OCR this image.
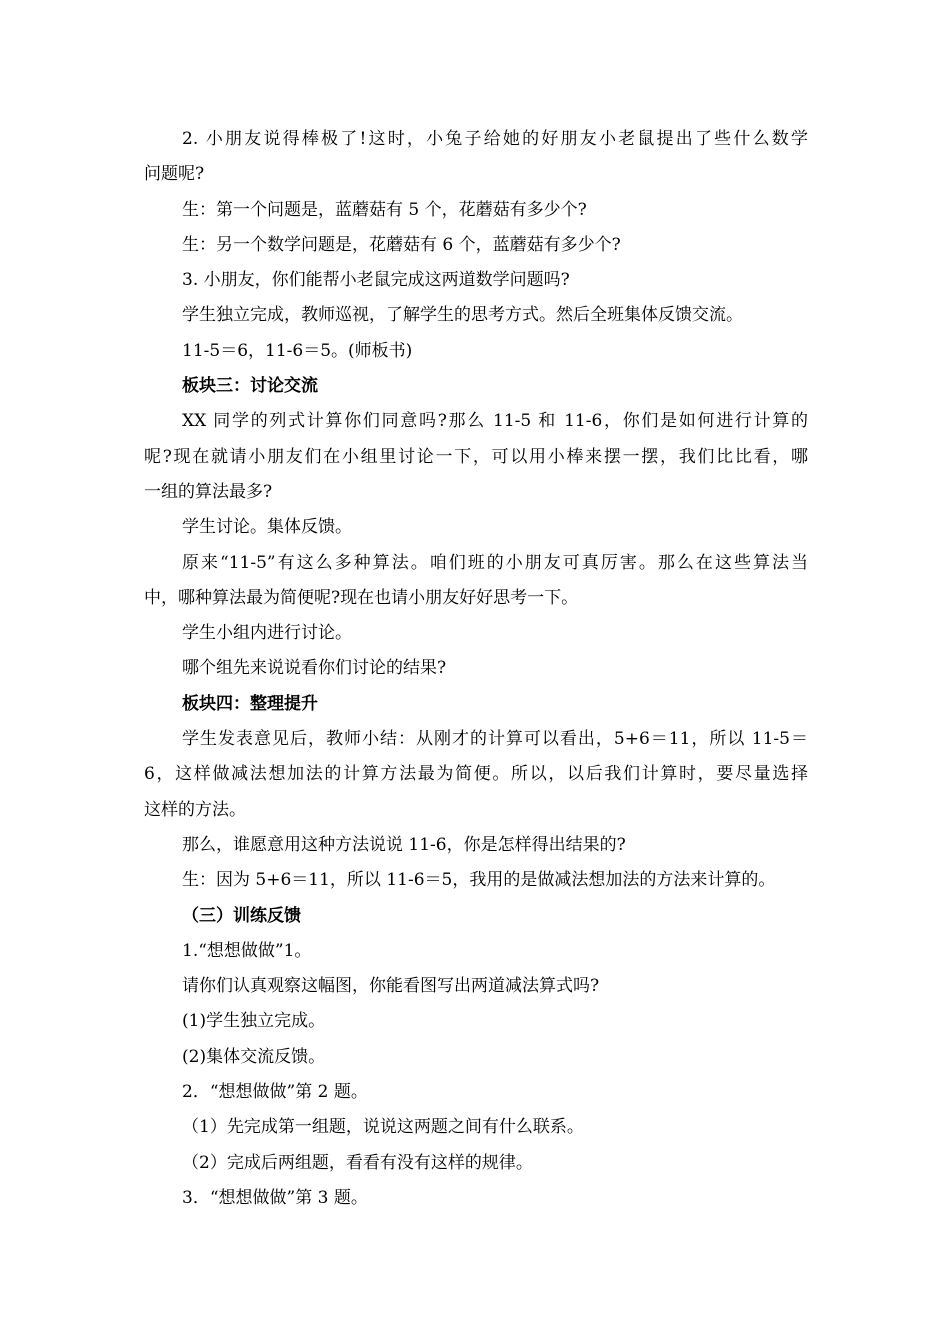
2. 小朋友说得棒极了!这时，小兔子给她的好朋友小老鼠提出了些什么数学
问题呢?
生：第一个问题是，蓝蘑菇有 5 个，花蘑菇有多少个?
生：另一个数学问题是，花蘑菇有 6 个，蓝蘑菇有多少个?
3. 小朋友，你们能帮小老鼠完成这两道数学问题吗?
学生独立完成，教师巡视，了解学生的思考方式。然后全班集体反馈交流。
11-5＝6，11-6＝5。(师板书)
板块三：讨论交流
XX 同学的列式计算你们同意吗?那么 11-5 和 11-6，你们是如何进行计算的
呢?现在就请小朋友们在小组里讨论一下，可以用小棒来摆一摆，我们比比看，哪
一组的算法最多?
学生讨论。集体反馈。
原来“11-5”有这么多种算法。咱们班的小朋友可真厉害。那么在这些算法当
中，哪种算法最为简便呢?现在也请小朋友好好思考一下。
学生小组内进行讨论。
哪个组先来说说看你们讨论的结果?
板块四：整理提升
学生发表意见后，教师小结：从刚才的计算可以看出，5+6＝11，所以 11-5＝
6，这样做减法想加法的计算方法最为简便。所以，以后我们计算时，要尽量选择
这样的方法。
那么，谁愿意用这种方法说说 11-6，你是怎样得出结果的?
生：因为 5+6＝11，所以 11-6＝5，我用的是做减法想加法的方法来计算的。
（三）训练反馈
1.“想想做做”1。
请你们认真观察这幅图，你能看图写出两道减法算式吗?
(1)学生独立完成。
(2)集体交流反馈。
2．“想想做做”第 2 题。
（1）先完成第一组题，说说这两题之间有什么联系。
（2）完成后两组题，看看有没有这样的规律。
3．“想想做做”第 3 题。
